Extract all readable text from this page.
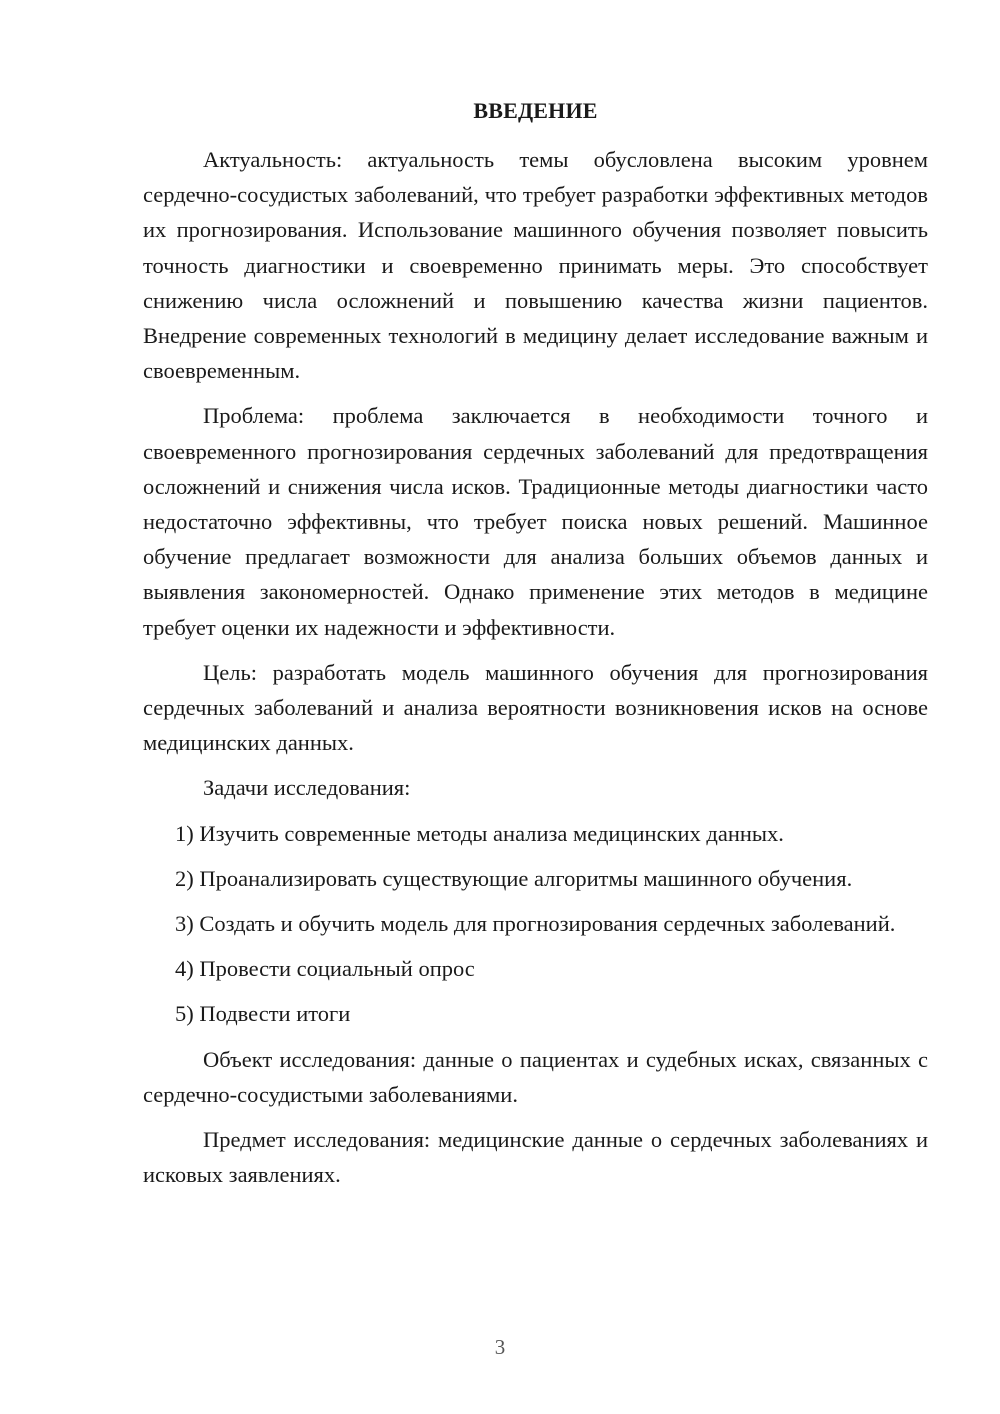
ВВЕДЕНИЕ

Актуальность: актуальность темы обусловлена высоким уровнем сердечно-сосудистых заболеваний, что требует разработки эффективных методов их прогнозирования. Использование машинного обучения позволяет повысить точность диагностики и своевременно принимать меры. Это способствует снижению числа осложнений и повышению качества жизни пациентов. Внедрение современных технологий в медицину делает исследование важным и своевременным.

Проблема: проблема заключается в необходимости точного и своевременного прогнозирования сердечных заболеваний для предотвращения осложнений и снижения числа исков. Традиционные методы диагностики часто недостаточно эффективны, что требует поиска новых решений. Машинное обучение предлагает возможности для анализа больших объемов данных и выявления закономерностей. Однако применение этих методов в медицине требует оценки их надежности и эффективности.

Цель: разработать модель машинного обучения для прогнозирования сердечных заболеваний и анализа вероятности возникновения исков на основе медицинских данных.

Задачи исследования:

1) Изучить современные методы анализа медицинских данных.

2) Проанализировать существующие алгоритмы машинного обучения.

3) Создать и обучить модель для прогнозирования сердечных заболеваний.

4) Провести социальный опрос

5) Подвести итоги

Объект исследования: данные о пациентах и судебных исках, связанных с сердечно-сосудистыми заболеваниями.

Предмет исследования: медицинские данные о сердечных заболеваниях и исковых заявлениях.

3
